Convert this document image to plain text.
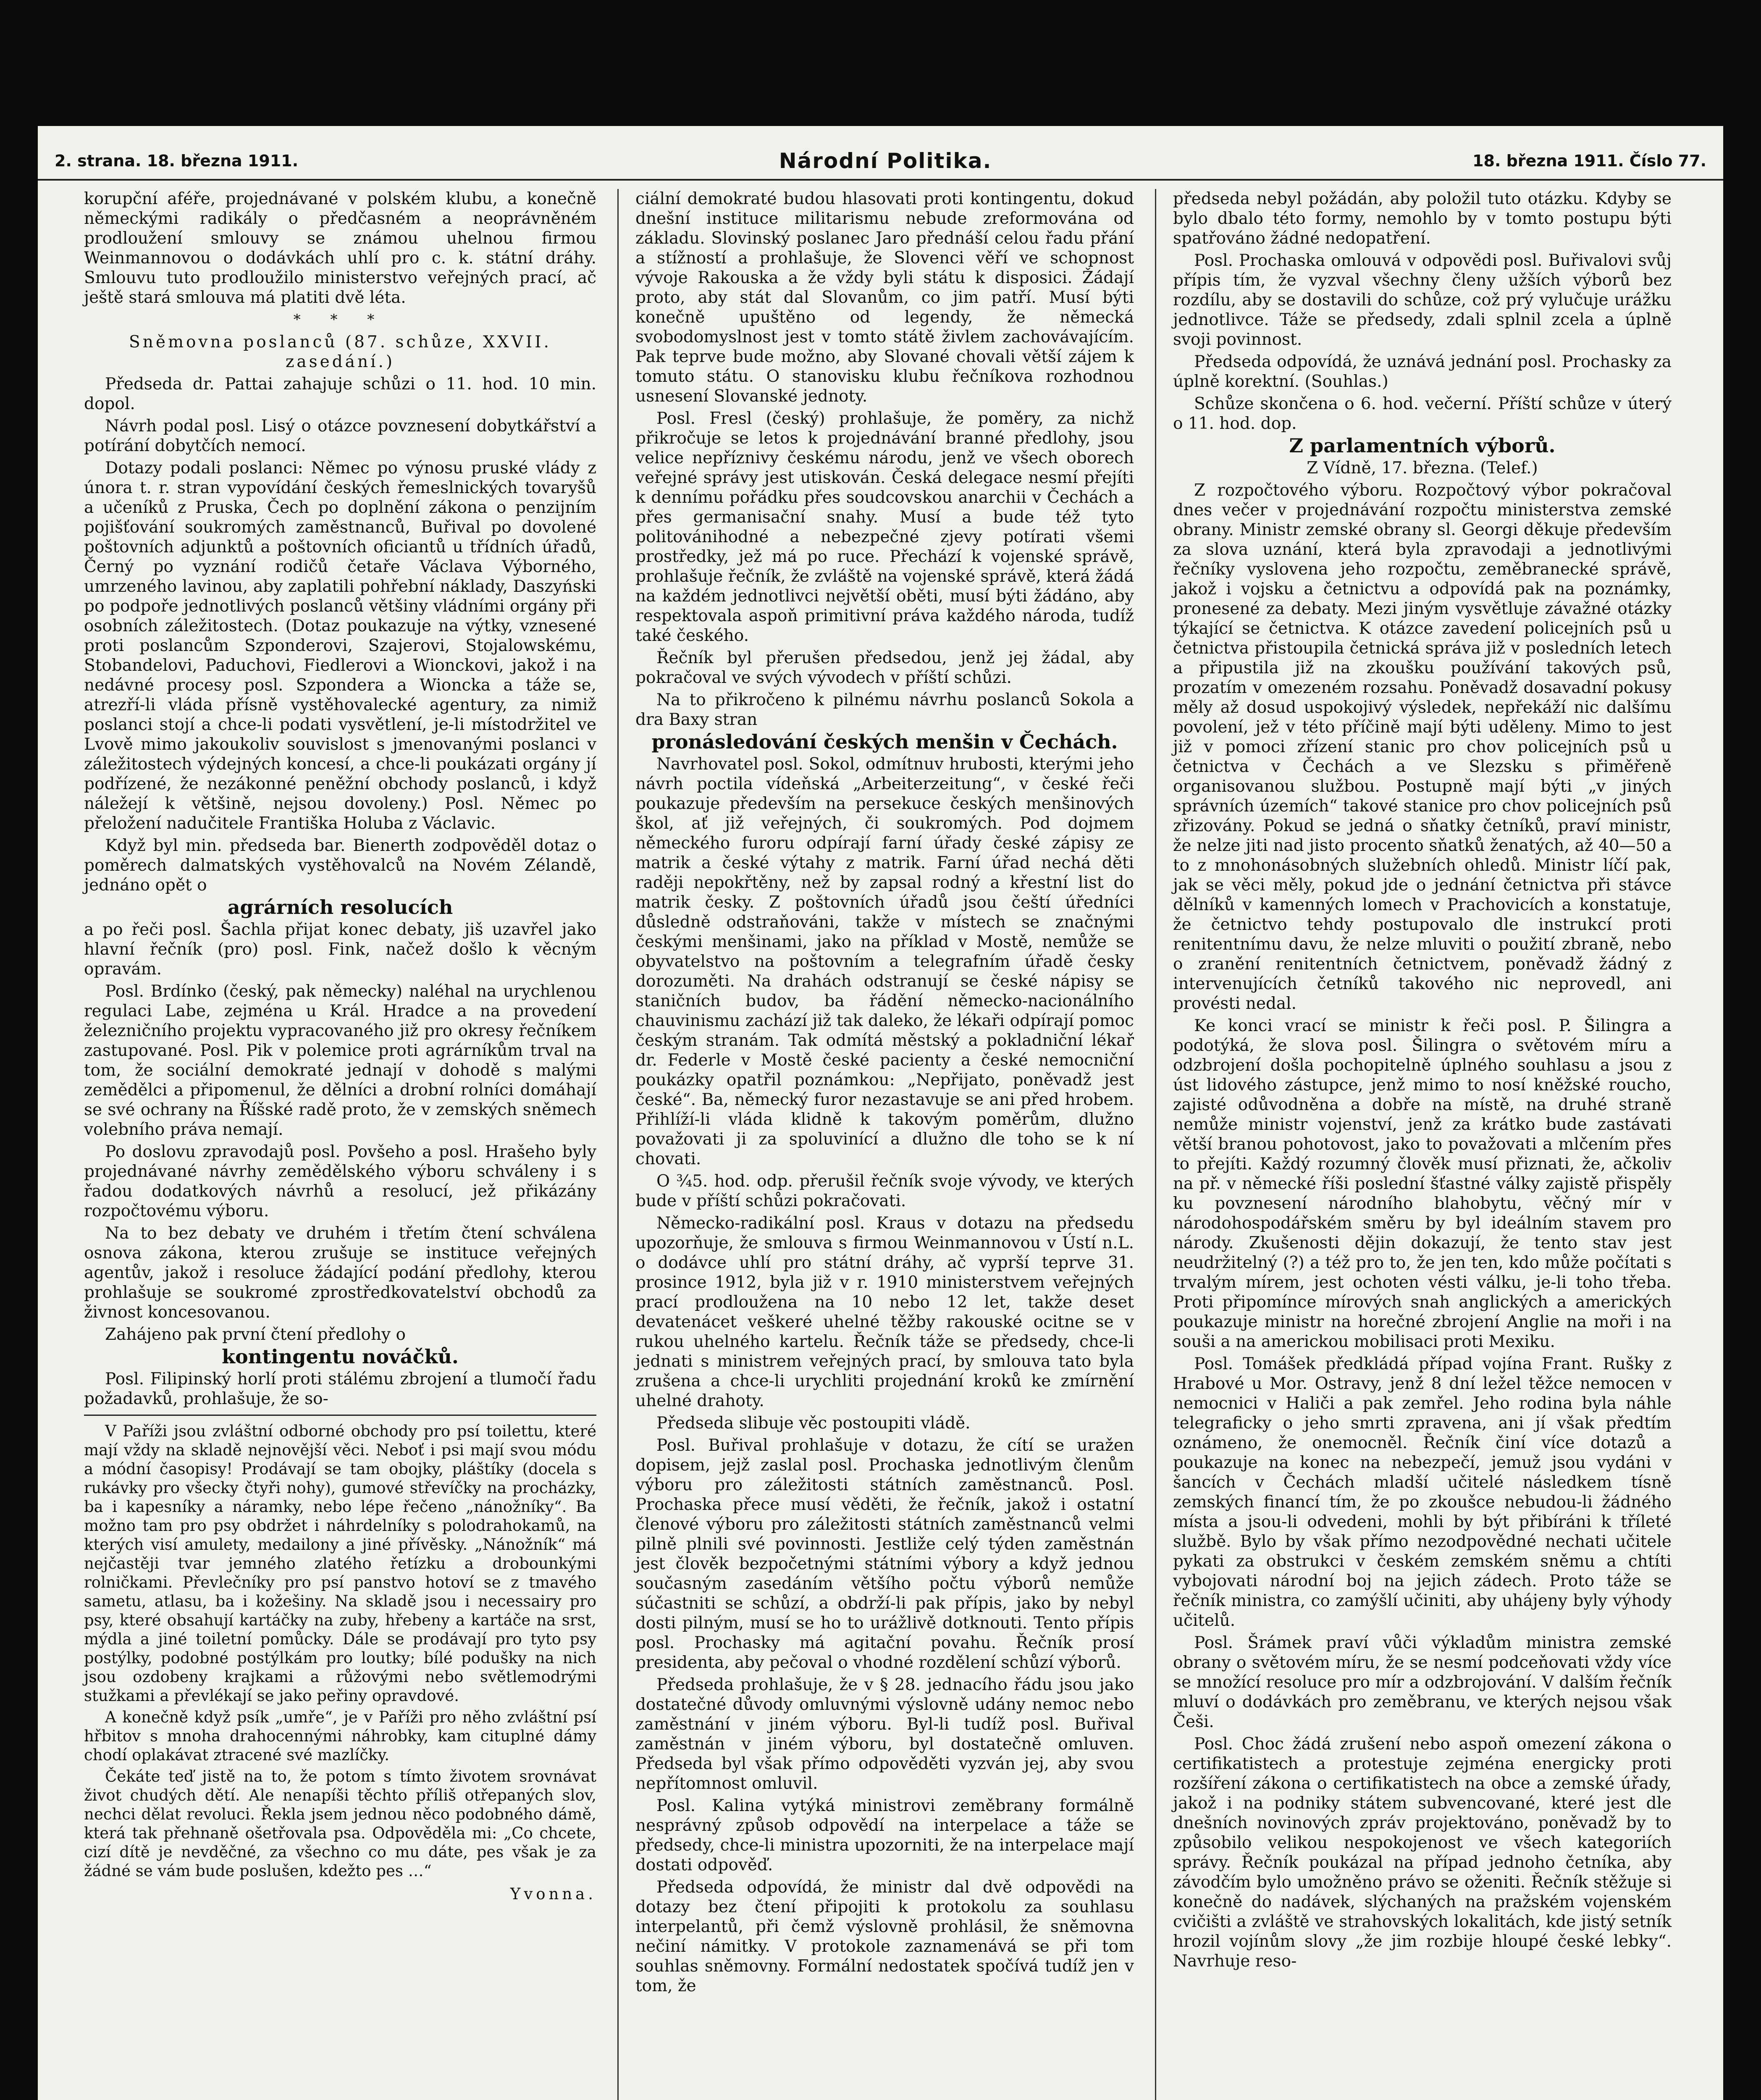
2. strana. 18. března 1911.	Národní Politika.	18. března 1911. Číslo 77.

korupční aféře, projednávané v polském klubu, a konečně německými radikály o předčasném a neoprávněném prodloužení smlouvy se známou uhelnou firmou Weinmannovou o dodávkách uhlí pro c. k. státní dráhy. Smlouvu tuto prodloužilo ministerstvo veřejných prací, ač ještě stará smlouva má platiti dvě léta.

* * *

Sněmovna poslanců (87. schůze, XXVII. zasedání.)

Předseda dr. Pattai zahajuje schůzi o 11. hod. 10 min. dopol.

Návrh podal posl. Lisý o otázce povznesení dobytkářství a potírání dobytčích nemocí.

Dotazy podali poslanci: Němec po výnosu pruské vlády z února t. r. stran vypovídání českých řemeslnických tovaryšů a učeníků z Pruska, Čech po doplnění zákona o penzijním pojišťování soukromých zaměstnanců, Buřival po dovolené poštovních adjunktů a poštovních oficiantů u třídních úřadů, Černý po vyznání rodičů četaře Václava Výborného, umrzeného lavinou, aby zaplatili pohřební náklady, Daszyński po podpoře jednotlivých poslanců většiny vládními orgány při osobních záležitostech. (Dotaz poukazuje na výtky, vznesené proti poslancům Szponderovi, Szajerovi, Stojalowskému, Stobandelovi, Paduchovi, Fiedlerovi a Wionckovi, jakož i na nedávné procesy posl. Szpondera a Wioncka a táže se, atrezří-li vláda přísně vystěhovalecké agentury, za nimiž poslanci stojí a chce-li podati vysvětlení, je-li místodržitel ve Lvově mimo jakoukoliv souvislost s jmenovanými poslanci v záležitostech výdejných koncesí, a chce-li poukázati orgány jí podřízené, že nezákonné peněžní obchody poslanců, i když náležejí k většině, nejsou dovoleny.) Posl. Němec po přeložení nadučitele Františka Holuba z Václavic.

Když byl min. předseda bar. Bienerth zodpověděl dotaz o poměrech dalmatských vystěhovalců na Novém Zélandě, jednáno opět o

agrárních resolucích

a po řeči posl. Šachla přijat konec debaty, jiš uzavřel jako hlavní řečník (pro) posl. Fink, načež došlo k věcným opravám.

Posl. Brdínko (český, pak německy) naléhal na urychlenou regulaci Labe, zejména u Král. Hradce a na provedení železničního projektu vypracovaného již pro okresy řečníkem zastupované. Posl. Pik v polemice proti agrárníkům trval na tom, že sociální demokraté jednají v dohodě s malými zemědělci a připomenul, že dělníci a drobní rolníci domáhají se své ochrany na Říšské radě proto, že v zemských sněmech volebního práva nemají.

Po doslovu zpravodajů posl. Povšeho a posl. Hrašeho byly projednávané návrhy zemědělského výboru schváleny i s řadou dodatkových návrhů a resolucí, jež přikázány rozpočtovému výboru.

Na to bez debaty ve druhém i třetím čtení schválena osnova zákona, kterou zrušuje se instituce veřejných agentův, jakož i resoluce žádající podání předlohy, kterou prohlašuje se soukromé zprostředkovatelství obchodů za živnost koncesovanou.

Zahájeno pak první čtení předlohy o

kontingentu nováčků.

Posl. Filipinský horlí proti stálému zbrojení a tlumočí řadu požadavků, prohlašuje, že so-

V Paříži jsou zvláštní odborné obchody pro psí toilettu, které mají vždy na skladě nejnovější věci. Neboť i psi mají svou módu a módní časopisy! Prodávají se tam obojky, pláštíky (docela s rukávky pro všecky čtyři nohy), gumové střevíčky na procházky, ba i kapesníky a náramky, nebo lépe řečeno „nánožníky“. Ba možno tam pro psy obdržet i náhrdelníky s polodrahokamů, na kterých visí amulety, medailony a jiné přívěsky. „Nánožník“ má nejčastěji tvar jemného zlatého řetízku a drobounkými rolničkami. Převlečníky pro psí panstvo hotoví se z tmavého sametu, atlasu, ba i kožešiny. Na skladě jsou i necessairy pro psy, které obsahují kartáčky na zuby, hřebeny a kartáče na srst, mýdla a jiné toiletní pomůcky. Dále se prodávají pro tyto psy postýlky, podobné postýlkám pro loutky; bílé podušky na nich jsou ozdobeny krajkami a růžovými nebo světlemodrými stužkami a převlékají se jako peřiny opravdové.

A konečně když psík „umře“, je v Paříži pro něho zvláštní psí hřbitov s mnoha drahocennými náhrobky, kam cituplné dámy chodí oplakávat ztracené své mazlíčky.

Čekáte teď jistě na to, že potom s tímto životem srovnávat život chudých dětí. Ale nenapíši těchto příliš otřepaných slov, nechci dělat revoluci. Řekla jsem jednou něco podobného dámě, která tak přehnaně ošetřovala psa. Odpověděla mi: „Co chcete, cizí dítě je nevděčné, za všechno co mu dáte, pes však je za žádné se vám bude poslušen, kdežto pes …“

Yvonna.

ciální demokraté budou hlasovati proti kontingentu, dokud dnešní instituce militarismu nebude zreformována od základu. Slovinský poslanec Jaro přednáší celou řadu přání a stížností a prohlašuje, že Slovenci věří ve schopnost vývoje Rakouska a že vždy byli státu k disposici. Žádají proto, aby stát dal Slovanům, co jim patří. Musí býti konečně upuštěno od legendy, že německá svobodomyslnost jest v tomto státě živlem zachovávajícím. Pak teprve bude možno, aby Slované chovali větší zájem k tomuto státu. O stanovisku klubu řečníkova rozhodnou usnesení Slovanské jednoty.

Posl. Fresl (český) prohlašuje, že poměry, za nichž přikročuje se letos k projednávání branné předlohy, jsou velice nepříznivy českému národu, jenž ve všech oborech veřejné správy jest utiskován. Česká delegace nesmí přejíti k dennímu pořádku přes soudcovskou anarchii v Čechách a přes germanisační snahy. Musí a bude též tyto politovánihodné a nebezpečné zjevy potírati všemi prostředky, jež má po ruce. Přechází k vojenské správě, prohlašuje řečník, že zvláště na vojenské správě, která žádá na každém jednotlivci největší oběti, musí býti žádáno, aby respektovala aspoň primitivní práva každého národa, tudíž také českého.

Řečník byl přerušen předsedou, jenž jej žádal, aby pokračoval ve svých vývodech v příští schůzi.

Na to přikročeno k pilnému návrhu poslanců Sokola a dra Baxy stran

pronásledování českých menšin v Čechách.

Navrhovatel posl. Sokol, odmítnuv hrubosti, kterými jeho návrh poctila vídeňská „Arbeiterzeitung“, v české řeči poukazuje především na persekuce českých menšinových škol, ať již veřejných, či soukromých. Pod dojmem německého furoru odpírají farní úřady české zápisy ze matrik a české výtahy z matrik. Farní úřad nechá děti raději nepokřtěny, než by zapsal rodný a křestní list do matrik česky. Z poštovních úřadů jsou čeští úředníci důsledně odstraňováni, takže v místech se značnými českými menšinami, jako na příklad v Mostě, nemůže se obyvatelstvo na poštovním a telegrafním úřadě česky dorozuměti. Na drahách odstranují se české nápisy se staničních budov, ba řádění německo-nacionálního chauvinismu zachází již tak daleko, že lékaři odpírají pomoc českým stranám. Tak odmítá městský a pokladniční lékař dr. Federle v Mostě české pacienty a české nemocniční poukázky opatřil poznámkou: „Nepřijato, poněvadž jest české“. Ba, německý furor nezastavuje se ani před hrobem. Přihlíží-li vláda klidně k takovým poměrům, dlužno považovati ji za spoluvinící a dlužno dle toho se k ní chovati.

O ¾5. hod. odp. přerušil řečník svoje vývody, ve kterých bude v příští schůzi pokračovati.

Německo-radikální posl. Kraus v dotazu na předsedu upozorňuje, že smlouva s firmou Weinmannovou v Ústí n.L. o dodávce uhlí pro státní dráhy, ač vyprší teprve 31. prosince 1912, byla již v r. 1910 ministerstvem veřejných prací prodloužena na 10 nebo 12 let, takže deset devatenácet veškeré uhelné těžby rakouské ocitne se v rukou uhelného kartelu. Řečník táže se předsedy, chce-li jednati s ministrem veřejných prací, by smlouva tato byla zrušena a chce-li urychliti projednání kroků ke zmírnění uhelné drahoty.

Předseda slibuje věc postoupiti vládě.

Posl. Buřival prohlašuje v dotazu, že cítí se uražen dopisem, jejž zaslal posl. Prochaska jednotlivým členům výboru pro záležitosti státních zaměstnanců. Posl. Prochaska přece musí věděti, že řečník, jakož i ostatní členové výboru pro záležitosti státních zaměstnanců velmi pilně plnili své povinnosti. Jestliže celý týden zaměstnán jest člověk bezpočetnými státními výbory a když jednou současným zasedáním většího počtu výborů nemůže súčastniti se schůzí, a obdrží-li pak přípis, jako by nebyl dosti pilným, musí se ho to urážlivě dotknouti. Tento přípis posl. Prochasky má agitační povahu. Řečník prosí presidenta, aby pečoval o vhodné rozdělení schůzí výborů.

Předseda prohlašuje, že v § 28. jednacího řádu jsou jako dostatečné důvody omluvnými výslovně udány nemoc nebo zaměstnání v jiném výboru. Byl-li tudíž posl. Buřival zaměstnán v jiném výboru, byl dostatečně omluven. Předseda byl však přímo odpověděti vyzván jej, aby svou nepřítomnost omluvil.

Posl. Kalina vytýká ministrovi zeměbrany formálně nesprávný způsob odpovědí na interpelace a táže se předsedy, chce-li ministra upozorniti, že na interpelace mají dostati odpověď.

Předseda odpovídá, že ministr dal dvě odpovědi na dotazy bez čtení připojiti k protokolu za souhlasu interpelantů, při čemž výslovně prohlásil, že sněmovna nečiní námitky. V protokole zaznamenává se při tom souhlas sněmovny. Formální nedostatek spočívá tudíž jen v tom, že

předseda nebyl požádán, aby položil tuto otázku. Kdyby se bylo dbalo této formy, nemohlo by v tomto postupu býti spatřováno žádné nedopatření.

Posl. Prochaska omlouvá v odpovědi posl. Buřivalovi svůj přípis tím, že vyzval všechny členy užších výborů bez rozdílu, aby se dostavili do schůze, což prý vylučuje urážku jednotlivce. Táže se předsedy, zdali splnil zcela a úplně svoji povinnost.

Předseda odpovídá, že uznává jednání posl. Prochasky za úplně korektní. (Souhlas.)

Schůze skončena o 6. hod. večerní. Příští schůze v úterý o 11. hod. dop.

Z parlamentních výborů.

Z Vídně, 17. března. (Telef.)

Z rozpočtového výboru. Rozpočtový výbor pokračoval dnes večer v projednávání rozpočtu ministerstva zemské obrany. Ministr zemské obrany sl. Georgi děkuje především za slova uznání, která byla zpravodaji a jednotlivými řečníky vyslovena jeho rozpočtu, zeměbranecké správě, jakož i vojsku a četnictvu a odpovídá pak na poznámky, pronesené za debaty. Mezi jiným vysvětluje závažné otázky týkající se četnictva. K otázce zavedení policejních psů u četnictva přistoupila četnická správa již v posledních letech a připustila již na zkoušku používání takových psů, prozatím v omezeném rozsahu. Poněvadž dosavadní pokusy měly až dosud uspokojivý výsledek, nepřekáží nic dalšímu povolení, jež v této příčině mají býti uděleny. Mimo to jest již v pomoci zřízení stanic pro chov policejních psů u četnictva v Čechách a ve Slezsku s přiměřeně organisovanou službou. Postupně mají býti „v jiných správních územích“ takové stanice pro chov policejních psů zřizovány. Pokud se jedná o sňatky četníků, praví ministr, že nelze jiti nad jisto procento sňatků ženatých, až 40—50 a to z mnohonásobných služebních ohledů. Ministr líčí pak, jak se věci měly, pokud jde o jednání četnictva při stávce dělníků v kamenných lomech v Prachovicích a konstatuje, že četnictvo tehdy postupovalo dle instrukcí proti renitentnímu davu, že nelze mluviti o použití zbraně, nebo o zranění renitentních četnictvem, poněvadž žádný z intervenujících četníků takového nic neprovedl, ani provésti nedal.

Ke konci vrací se ministr k řeči posl. P. Šilingra a podotýká, že slova posl. Šilingra o světovém míru a odzbrojení došla pochopitelně úplného souhlasu a jsou z úst lidového zástupce, jenž mimo to nosí kněžské roucho, zajisté odůvodněna a dobře na místě, na druhé straně nemůže ministr vojenství, jenž za krátko bude zastávati větší branou pohotovost, jako to považovati a mlčením přes to přejíti. Každý rozumný člověk musí přiznati, že, ačkoliv na př. v německé říši poslední šťastné války zajistě přispěly ku povznesení národního blahobytu, věčný mír v národohospodářském směru by byl ideálním stavem pro národy. Zkušenosti dějin dokazují, že tento stav jest neudržitelný (?) a též pro to, že jen ten, kdo může počítati s trvalým mírem, jest ochoten vésti válku, je-li toho třeba. Proti připomínce mírových snah anglických a amerických poukazuje ministr na horečné zbrojení Anglie na moři i na souši a na americkou mobilisaci proti Mexiku.

Posl. Tomášek předkládá případ vojína Frant. Rušky z Hrabové u Mor. Ostravy, jenž 8 dní ležel těžce nemocen v nemocnici v Haliči a pak zemřel. Jeho rodina byla náhle telegraficky o jeho smrti zpravena, ani jí však předtím oznámeno, že onemocněl. Řečník činí více dotazů a poukazuje na konec na nebezpečí, jemuž jsou vydáni v šancích v Čechách mladší učitelé následkem tísně zemských financí tím, že po zkoušce nebudou-li žádného místa a jsou-li odvedeni, mohli by být přibíráni k tříleté službě. Bylo by však přímo nezodpovědné nechati učitele pykati za obstrukci v českém zemském sněmu a chtíti vybojovati národní boj na jejich zádech. Proto táže se řečník ministra, co zamýšlí učiniti, aby uhájeny byly výhody učitelů.

Posl. Šrámek praví vůči výkladům ministra zemské obrany o světovém míru, že se nesmí podceňovati vždy více se množící resoluce pro mír a odzbrojování. V dalším řečník mluví o dodávkách pro zeměbranu, ve kterých nejsou však Češi.

Posl. Choc žádá zrušení nebo aspoň omezení zákona o certifikatistech a protestuje zejména energicky proti rozšíření zákona o certifikatistech na obce a zemské úřady, jakož i na podniky státem subvencované, které jest dle dnešních novinových zpráv projektováno, poněvadž by to způsobilo velikou nespokojenost ve všech kategoriích správy. Řečník poukázal na případ jednoho četníka, aby závodčím bylo umožněno právo se oženiti. Řečník stěžuje si konečně do nadávek, slýchaných na pražském vojenském cvičišti a zvláště ve strahovských lokalitách, kde jistý setník hrozil vojínům slovy „že jim rozbije hloupé české lebky“. Navrhuje reso-
